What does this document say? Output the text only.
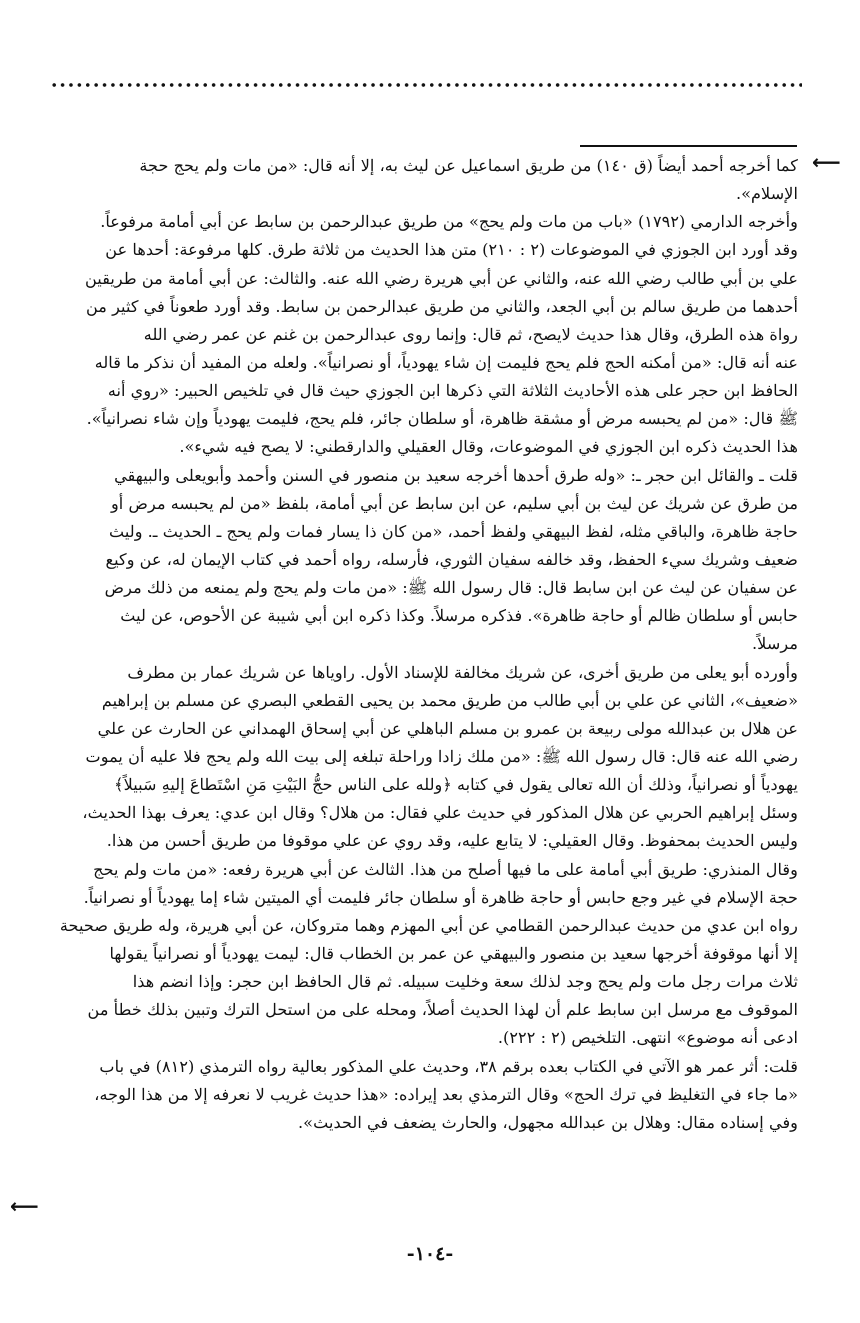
⟵
⟵
كما أخرجه أحمد أيضاً (ق ١٤٠) من طريق اسماعيل عن ليث به، إلا أنه قال: «من مات ولم يحج حجة
الإسلام».
وأخرجه الدارمي (١٧٩٢) «باب من مات ولم يحج» من طريق عبدالرحمن بن سابط عن أبي أمامة مرفوعاً.
وقد أورد ابن الجوزي في الموضوعات (٢ : ٢١٠) متن هذا الحديث من ثلاثة طرق. كلها مرفوعة: أحدها عن
علي بن أبي طالب رضي الله عنه، والثاني عن أبي هريرة رضي الله عنه. والثالث: عن أبي أمامة من طريقين
أحدهما من طريق سالم بن أبي الجعد، والثاني من طريق عبدالرحمن بن سابط. وقد أورد طعوناً في كثير من
رواة هذه الطرق، وقال هذا حديث لايصح، ثم قال: وإنما روى عبدالرحمن بن غنم عن عمر رضي الله
عنه أنه قال: «من أمكنه الحج فلم يحج فليمت إن شاء يهودياً، أو نصرانياً». ولعله من المفيد أن نذكر ما قاله
الحافظ ابن حجر على هذه الأحاديث الثلاثة التي ذكرها ابن الجوزي حيث قال في تلخيص الحبير: «روي أنه
ﷺ قال: «من لم يحبسه مرض أو مشقة ظاهرة، أو سلطان جائر، فلم يحج، فليمت يهودياً وإن شاء نصرانياً».
هذا الحديث ذكره ابن الجوزي في الموضوعات، وقال العقيلي والدارقطني: لا يصح فيه شيء».
قلت ـ والقائل ابن حجر ـ: «وله طرق أحدها أخرجه سعيد بن منصور في السنن وأحمد وأبويعلى والبيهقي
من طرق عن شريك عن ليث بن أبي سليم، عن ابن سابط عن أبي أمامة، بلفظ «من لم يحبسه مرض أو
حاجة ظاهرة، والباقي مثله، لفظ البيهقي ولفظ أحمد، «من كان ذا يسار فمات ولم يحج ـ الحديث ـ. وليث
ضعيف وشريك سيء الحفظ، وقد خالفه سفيان الثوري، فأرسله، رواه أحمد في كتاب الإيمان له، عن وكيع
عن سفيان عن ليث عن ابن سابط قال: قال رسول الله ﷺ: «من مات ولم يحج ولم يمنعه من ذلك مرض
حابس أو سلطان ظالم أو حاجة ظاهرة». فذكره مرسلاً. وكذا ذكره ابن أبي شيبة عن الأحوص، عن ليث
مرسلاً.
وأورده أبو يعلى من طريق أخرى، عن شريك مخالفة للإسناد الأول. راوياها عن شريك عمار بن مطرف
«ضعيف»، الثاني عن علي بن أبي طالب من طريق محمد بن يحيى القطعي البصري عن مسلم بن إبراهيم
عن هلال بن عبدالله مولى ربيعة بن عمرو بن مسلم الباهلي عن أبي إسحاق الهمداني عن الحارث عن علي
رضي الله عنه قال: قال رسول الله ﷺ: «من ملك زادا وراحلة تبلغه إلى بيت الله ولم يحج فلا عليه أن يموت
يهودياً أو نصرانياً، وذلك أن الله تعالى يقول في كتابه ﴿ولله على الناس حجُّ البَيْتِ مَنِ اسْتَطاعَ إليهِ سَبيلاً﴾
وسئل إبراهيم الحربي عن هلال المذكور في حديث علي فقال: من هلال؟ وقال ابن عدي: يعرف بهذا الحديث،
وليس الحديث بمحفوظ. وقال العقيلي: لا يتابع عليه، وقد روي عن علي موقوفا من طريق أحسن من هذا.
وقال المنذري: طريق أبي أمامة على ما فيها أصلح من هذا. الثالث عن أبي هريرة رفعه: «من مات ولم يحج
حجة الإسلام في غير وجع حابس أو حاجة ظاهرة أو سلطان جائر فليمت أي الميتين شاء إما يهودياً أو نصرانياً.
رواه ابن عدي من حديث عبدالرحمن القطامي عن أبي المهزم وهما متروكان، عن أبي هريرة، وله طريق صحيحة
إلا أنها موقوفة أخرجها سعيد بن منصور والبيهقي عن عمر بن الخطاب قال: ليمت يهودياً أو نصرانياً يقولها
ثلاث مرات رجل مات ولم يحج وجد لذلك سعة وخليت سبيله. ثم قال الحافظ ابن حجر: وإذا انضم هذا
الموقوف مع مرسل ابن سابط علم أن لهذا الحديث أصلاً، ومحله على من استحل الترك وتبين بذلك خطأ من
ادعى أنه موضوع» انتهى. التلخيص (٢ : ٢٢٢).
قلت: أثر عمر هو الآتي في الكتاب بعده برقم ٣٨، وحديث علي المذكور بعالية رواه الترمذي (٨١٢) في باب
«ما جاء في التغليظ في ترك الحج» وقال الترمذي بعد إيراده: «هذا حديث غريب لا نعرفه إلا من هذا الوجه،
وفي إسناده مقال: وهلال بن عبدالله مجهول، والحارث يضعف في الحديث».
-١٠٤-
